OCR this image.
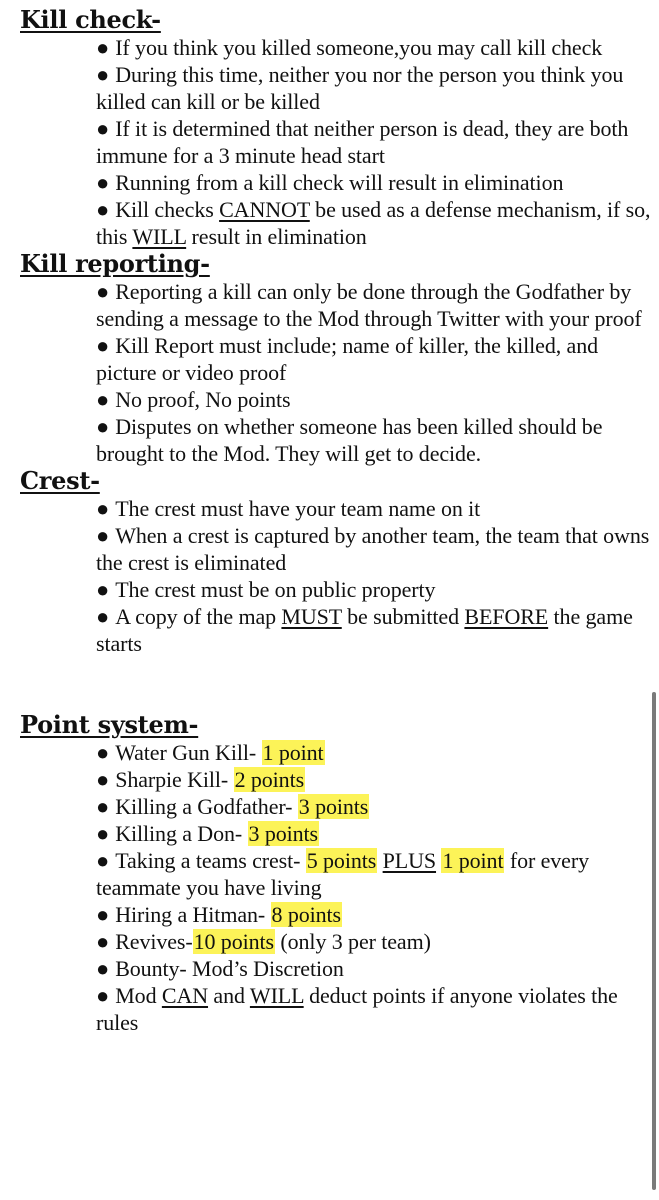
Kill check-
● If you think you killed someone,you may call kill check
● During this time, neither you nor the person you think you killed can kill or be killed
● If it is determined that neither person is dead, they are both immune for a 3 minute head start
● Running from a kill check will result in elimination
● Kill checks CANNOT be used as a defense mechanism, if so, this WILL result in elimination
Kill reporting-
● Reporting a kill can only be done through the Godfather by sending a message to the Mod through Twitter with your proof
● Kill Report must include; name of killer, the killed, and picture or video proof
● No proof, No points
● Disputes on whether someone has been killed should be brought to the Mod. They will get to decide.
Crest-
● The crest must have your team name on it
● When a crest is captured by another team, the team that owns the crest is eliminated
● The crest must be on public property
● A copy of the map MUST be submitted BEFORE the game starts
Point system-
● Water Gun Kill- 1 point
● Sharpie Kill- 2 points
● Killing a Godfather- 3 points
● Killing a Don- 3 points
● Taking a teams crest- 5 points PLUS 1 point for every teammate you have living
● Hiring a Hitman- 8 points
● Revives-10 points (only 3 per team)
● Bounty- Mod’s Discretion
● Mod CAN and WILL deduct points if anyone violates the rules
